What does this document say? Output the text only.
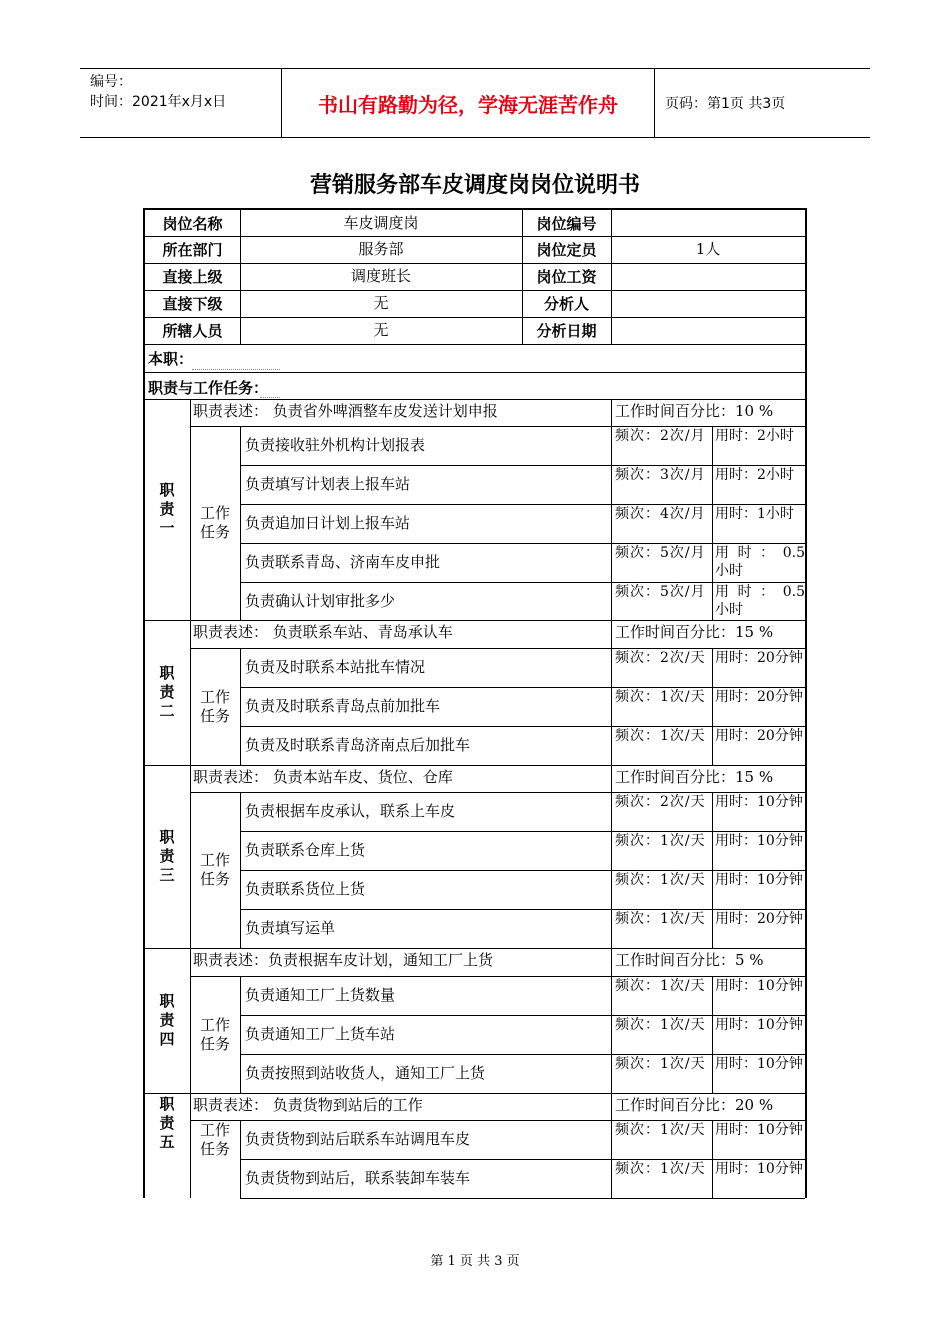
编号：
时间：2021年x月x日	书山有路勤为径，学海无涯苦作舟	页码：第1页 共3页
营销服务部车皮调度岗岗位说明书
岗位名称	车皮调度岗	岗位编号
所在部门	服务部	岗位定员	1人
直接上级	调度班长	岗位工资
直接下级	无	分析人
所辖人员	无	分析日期
本职：
职责与工作任务：
职责表述： 负责省外啤酒整车皮发送计划申报	工作时间百分比：10 %
职
责
一
工作
任务
负责接收驻外机构计划报表	频次：2次/月 用时：2小时
负责填写计划表上报车站	频次：3次/月 用时：2小时
负责追加日计划上报车站	频次：4次/月 用时：1小时
负责联系青岛、济南车皮申批	频次：5次/月 用 时 ： 0.5小时
负责确认计划审批多少	频次：5次/月 用 时 ： 0.5小时
职责表述： 负责联系车站、青岛承认车	工作时间百分比：15 %
职
责
二
工作
任务
负责及时联系本站批车情况	频次：2次/天 用时：20分钟
负责及时联系青岛点前加批车	频次：1次/天 用时：20分钟
负责及时联系青岛济南点后加批车	频次：1次/天 用时：20分钟
职责表述： 负责本站车皮、货位、仓库	工作时间百分比：15 %
职
责
三
工作
任务
负责根据车皮承认，联系上车皮	频次：2次/天 用时：10分钟
负责联系仓库上货	频次：1次/天 用时：10分钟
负责联系货位上货	频次：1次/天 用时：10分钟
负责填写运单	频次：1次/天 用时：20分钟
职责表述：负责根据车皮计划，通知工厂上货	工作时间百分比：5 %
职
责
四
工作
任务
负责通知工厂上货数量	频次：1次/天 用时：10分钟
负责通知工厂上货车站	频次：1次/天 用时：10分钟
负责按照到站收货人，通知工厂上货	频次：1次/天 用时：10分钟
职责表述： 负责货物到站后的工作	工作时间百分比：20 %
职
责
五
工作
任务
负责货物到站后联系车站调甩车皮	频次：1次/天 用时：10分钟
负责货物到站后，联系装卸车装车	频次：1次/天 用时：10分钟
第 1 页 共 3 页
